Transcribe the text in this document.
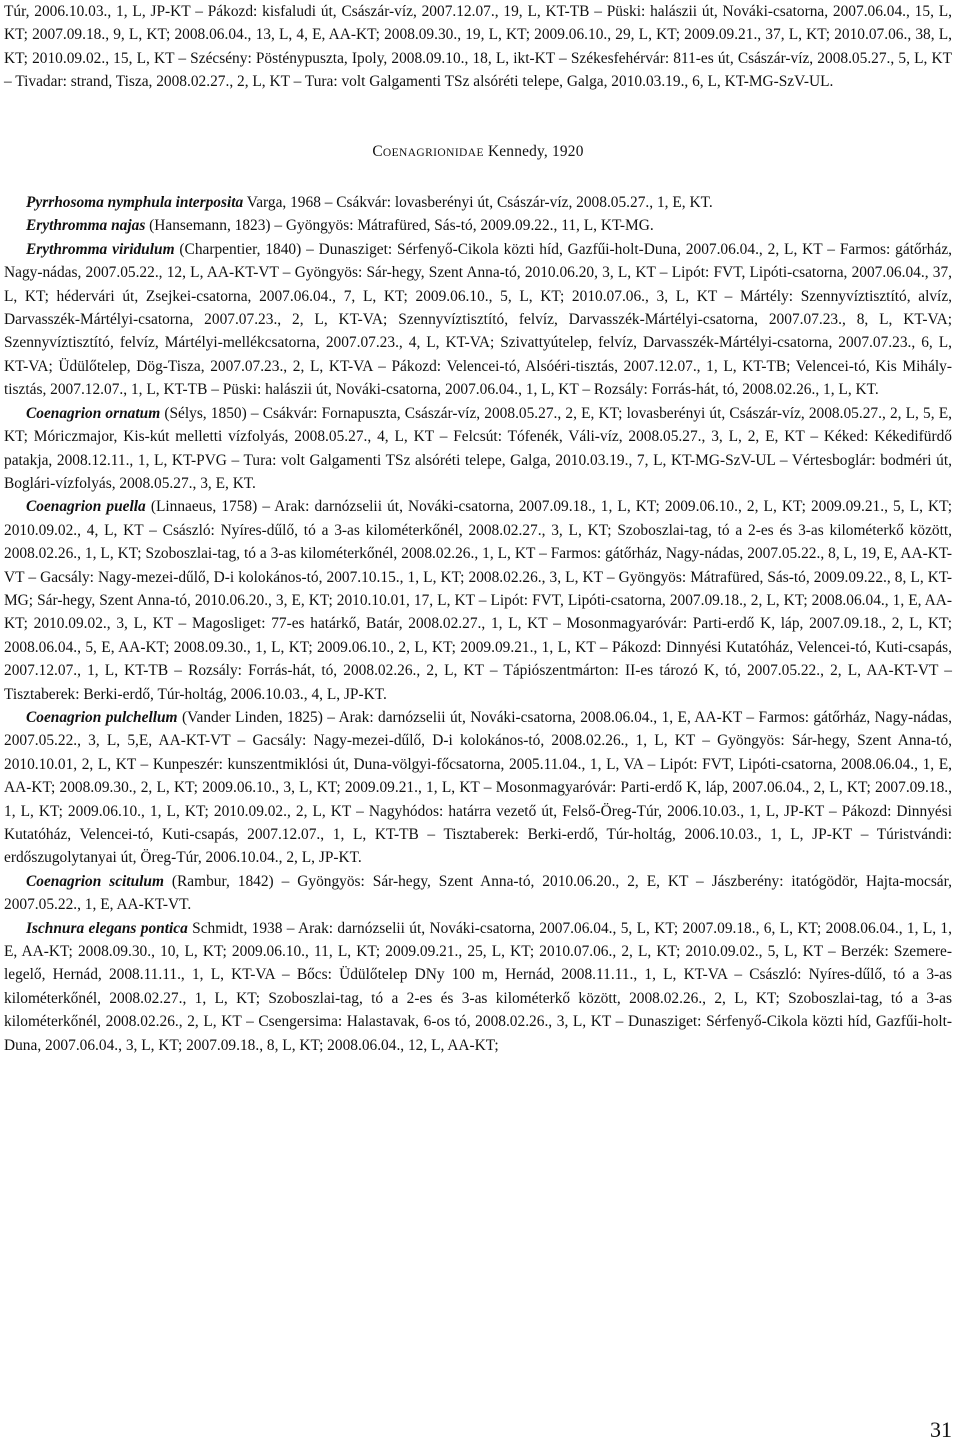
Túr, 2006.10.03., 1, L, JP-KT – Pákozd: kisfaludi út, Császár-víz, 2007.12.07., 19, L, KT-TB – Püski: halászii út, Nováki-csatorna, 2007.06.04., 15, L, KT; 2007.09.18., 9, L, KT; 2008.06.04., 13, L, 4, E, AA-KT; 2008.09.30., 19, L, KT; 2009.06.10., 29, L, KT; 2009.09.21., 37, L, KT; 2010.07.06., 38, L, KT; 2010.09.02., 15, L, KT – Szécsény: Pösténypuszta, Ipoly, 2008.09.10., 18, L, ikt-KT – Székesfehérvár: 811-es út, Császár-víz, 2008.05.27., 5, L, KT – Tivadar: strand, Tisza, 2008.02.27., 2, L, KT – Tura: volt Galgamenti TSz alsóréti telepe, Galga, 2010.03.19., 6, L, KT-MG-SzV-UL.

COENAGRIONIDAE Kennedy, 1920

Pyrrhosoma nymphula interposita Varga, 1968 – Csákvár: lovasberényi út, Császár-víz, 2008.05.27., 1, E, KT.

Erythromma najas (Hansemann, 1823) – Gyöngyös: Mátrafüred, Sás-tó, 2009.09.22., 11, L, KT-MG.

Erythromma viridulum (Charpentier, 1840) – Dunasziget: Sérfenyő-Cikola közti híd, Gazfűi-holt-Duna, 2007.06.04., 2, L, KT – Farmos: gátőrház, Nagy-nádas, 2007.05.22., 12, L, AA-KT-VT – Gyöngyös: Sár-hegy, Szent Anna-tó, 2010.06.20, 3, L, KT – Lipót: FVT, Lipóti-csatorna, 2007.06.04., 37, L, KT; hédervári út, Zsejkei-csatorna, 2007.06.04., 7, L, KT; 2009.06.10., 5, L, KT; 2010.07.06., 3, L, KT – Mártély: Szennyvíztisztító, alvíz, Darvasszék-Mártélyi-csatorna, 2007.07.23., 2, L, KT-VA; Szennyvíztisztító, felvíz, Darvasszék-Mártélyi-csatorna, 2007.07.23., 8, L, KT-VA; Szennyvíztisztító, felvíz, Mártélyi-mellékcsatorna, 2007.07.23., 4, L, KT-VA; Szivattyútelep, felvíz, Darvasszék-Mártélyi-csatorna, 2007.07.23., 6, L, KT-VA; Üdülőtelep, Dög-Tisza, 2007.07.23., 2, L, KT-VA – Pákozd: Velencei-tó, Alsóéri-tisztás, 2007.12.07., 1, L, KT-TB; Velencei-tó, Kis Mihály-tisztás, 2007.12.07., 1, L, KT-TB – Püski: halászii út, Nováki-csatorna, 2007.06.04., 1, L, KT – Rozsály: Forrás-hát, tó, 2008.02.26., 1, L, KT.

Coenagrion ornatum (Sélys, 1850) – Csákvár: Fornapuszta, Császár-víz, 2008.05.27., 2, E, KT; lovasberényi út, Császár-víz, 2008.05.27., 2, L, 5, E, KT; Móriczmajor, Kis-kút melletti vízfolyás, 2008.05.27., 4, L, KT – Felcsút: Tófenék, Váli-víz, 2008.05.27., 3, L, 2, E, KT – Kéked: Kékedifürdő patakja, 2008.12.11., 1, L, KT-PVG – Tura: volt Galgamenti TSz alsóréti telepe, Galga, 2010.03.19., 7, L, KT-MG-SzV-UL – Vértesboglár: bodméri út, Boglári-vízfolyás, 2008.05.27., 3, E, KT.

Coenagrion puella (Linnaeus, 1758) – Arak: darnózselii út, Nováki-csatorna, 2007.09.18., 1, L, KT; 2009.06.10., 2, L, KT; 2009.09.21., 5, L, KT; 2010.09.02., 4, L, KT – Császló: Nyíres-dűlő, tó a 3-as kilométerkőnél, 2008.02.27., 3, L, KT; Szoboszlai-tag, tó a 2-es és 3-as kilométerkő között, 2008.02.26., 1, L, KT; Szoboszlai-tag, tó a 3-as kilométerkőnél, 2008.02.26., 1, L, KT – Farmos: gátőrház, Nagy-nádas, 2007.05.22., 8, L, 19, E, AA-KT-VT – Gacsály: Nagy-mezei-dűlő, D-i kolokános-tó, 2007.10.15., 1, L, KT; 2008.02.26., 3, L, KT – Gyöngyös: Mátrafüred, Sás-tó, 2009.09.22., 8, L, KT-MG; Sár-hegy, Szent Anna-tó, 2010.06.20., 3, E, KT; 2010.10.01, 17, L, KT – Lipót: FVT, Lipóti-csatorna, 2007.09.18., 2, L, KT; 2008.06.04., 1, E, AA-KT; 2010.09.02., 3, L, KT – Magosliget: 77-es határkő, Batár, 2008.02.27., 1, L, KT – Mosonmagyaróvár: Parti-erdő K, láp, 2007.09.18., 2, L, KT; 2008.06.04., 5, E, AA-KT; 2008.09.30., 1, L, KT; 2009.06.10., 2, L, KT; 2009.09.21., 1, L, KT – Pákozd: Dinnyési Kutatóház, Velencei-tó, Kuti-csapás, 2007.12.07., 1, L, KT-TB – Rozsály: Forrás-hát, tó, 2008.02.26., 2, L, KT – Tápiószentmárton: II-es tározó K, tó, 2007.05.22., 2, L, AA-KT-VT – Tisztaberek: Berki-erdő, Túr-holtág, 2006.10.03., 4, L, JP-KT.

Coenagrion pulchellum (Vander Linden, 1825) – Arak: darnózselii út, Nováki-csatorna, 2008.06.04., 1, E, AA-KT – Farmos: gátőrház, Nagy-nádas, 2007.05.22., 3, L, 5,E, AA-KT-VT – Gacsály: Nagy-mezei-dűlő, D-i kolokános-tó, 2008.02.26., 1, L, KT – Gyöngyös: Sár-hegy, Szent Anna-tó, 2010.10.01, 2, L, KT – Kunpeszér: kunszentmiklósi út, Duna-völgyi-főcsatorna, 2005.11.04., 1, L, VA – Lipót: FVT, Lipóti-csatorna, 2008.06.04., 1, E, AA-KT; 2008.09.30., 2, L, KT; 2009.06.10., 3, L, KT; 2009.09.21., 1, L, KT – Mosonmagyaróvár: Parti-erdő K, láp, 2007.06.04., 2, L, KT; 2007.09.18., 1, L, KT; 2009.06.10., 1, L, KT; 2010.09.02., 2, L, KT – Nagyhódos: határra vezető út, Felső-Öreg-Túr, 2006.10.03., 1, L, JP-KT – Pákozd: Dinnyési Kutatóház, Velencei-tó, Kuti-csapás, 2007.12.07., 1, L, KT-TB – Tisztaberek: Berki-erdő, Túr-holtág, 2006.10.03., 1, L, JP-KT – Túristvándi: erdőszugolytanyai út, Öreg-Túr, 2006.10.04., 2, L, JP-KT.

Coenagrion scitulum (Rambur, 1842) – Gyöngyös: Sár-hegy, Szent Anna-tó, 2010.06.20., 2, E, KT – Jászberény: itatógödör, Hajta-mocsár, 2007.05.22., 1, E, AA-KT-VT.

Ischnura elegans pontica Schmidt, 1938 – Arak: darnózselii út, Nováki-csatorna, 2007.06.04., 5, L, KT; 2007.09.18., 6, L, KT; 2008.06.04., 1, L, 1, E, AA-KT; 2008.09.30., 10, L, KT; 2009.06.10., 11, L, KT; 2009.09.21., 25, L, KT; 2010.07.06., 2, L, KT; 2010.09.02., 5, L, KT – Berzék: Szemere-legelő, Hernád, 2008.11.11., 1, L, KT-VA – Bőcs: Üdülőtelep DNy 100 m, Hernád, 2008.11.11., 1, L, KT-VA – Császló: Nyíres-dűlő, tó a 3-as kilométerkőnél, 2008.02.27., 1, L, KT; Szoboszlai-tag, tó a 2-es és 3-as kilométerkő között, 2008.02.26., 2, L, KT; Szoboszlai-tag, tó a 3-as kilométerkőnél, 2008.02.26., 2, L, KT – Csengersima: Halastavak, 6-os tó, 2008.02.26., 3, L, KT – Dunasziget: Sérfenyő-Cikola közti híd, Gazfűi-holt-Duna, 2007.06.04., 3, L, KT; 2007.09.18., 8, L, KT; 2008.06.04., 12, L, AA-KT;

31
